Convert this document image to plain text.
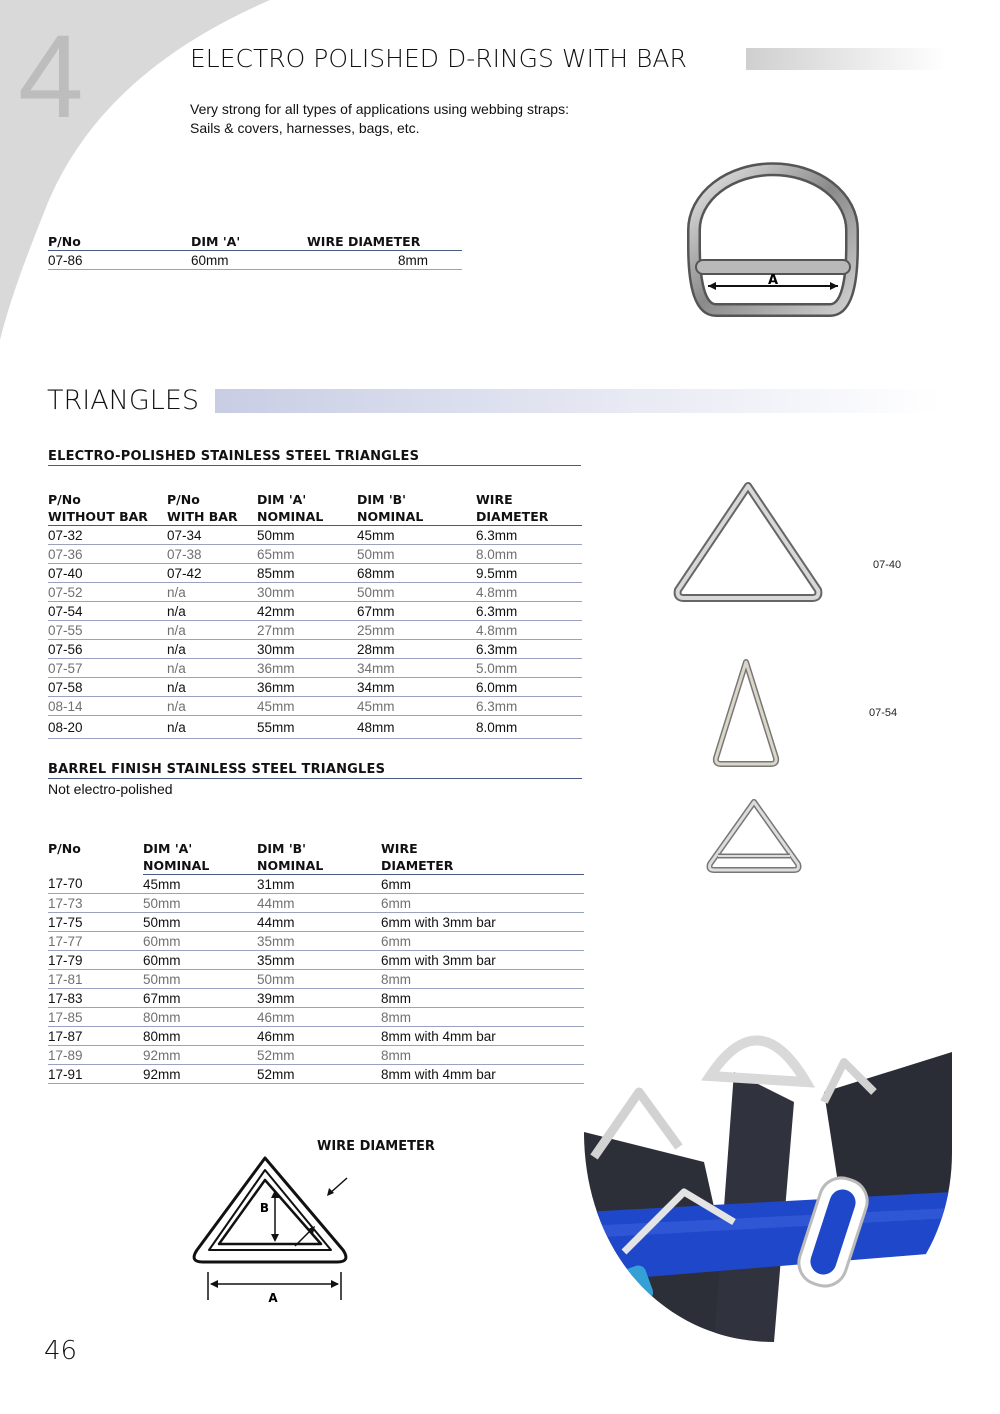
4	ELECTRO POLISHED D-RINGS WITH BAR
Very strong for all types of applications using webbing straps:
Sails & covers, harnesses, bags, etc.
P/No	DIM 'A'	WIRE DIAMETER
07-86	60mm	8mm
A
TRIANGLES
ELECTRO-POLISHED STAINLESS STEEL TRIANGLES
P/No	P/No	DIM 'A'	DIM 'B'	WIRE
WITHOUT BAR	WITH BAR	NOMINAL	NOMINAL	DIAMETER
07-32	07-34	50mm	45mm	6.3mm
07-36	07-38	65mm	50mm	8.0mm
07-40	07-42	85mm	68mm	9.5mm
07-52	n/a	30mm	50mm	4.8mm
07-54	n/a	42mm	67mm	6.3mm
07-55	n/a	27mm	25mm	4.8mm
07-56	n/a	30mm	28mm	6.3mm
07-57	n/a	36mm	34mm	5.0mm
07-58	n/a	36mm	34mm	6.0mm
08-14	n/a	45mm	45mm	6.3mm
08-20	n/a	55mm	48mm	8.0mm
07-40
07-54
BARREL FINISH STAINLESS STEEL TRIANGLES
Not electro-polished
P/No	DIM 'A'	DIM 'B'	WIRE
	NOMINAL	NOMINAL	DIAMETER
17-70	45mm	31mm	6mm
17-73	50mm	44mm	6mm
17-75	50mm	44mm	6mm with 3mm bar
17-77	60mm	35mm	6mm
17-79	60mm	35mm	6mm with 3mm bar
17-81	50mm	50mm	8mm
17-83	67mm	39mm	8mm
17-85	80mm	46mm	8mm
17-87	80mm	46mm	8mm with 4mm bar
17-89	92mm	52mm	8mm
17-91	92mm	52mm	8mm with 4mm bar
WIRE DIAMETER
B
A
46
